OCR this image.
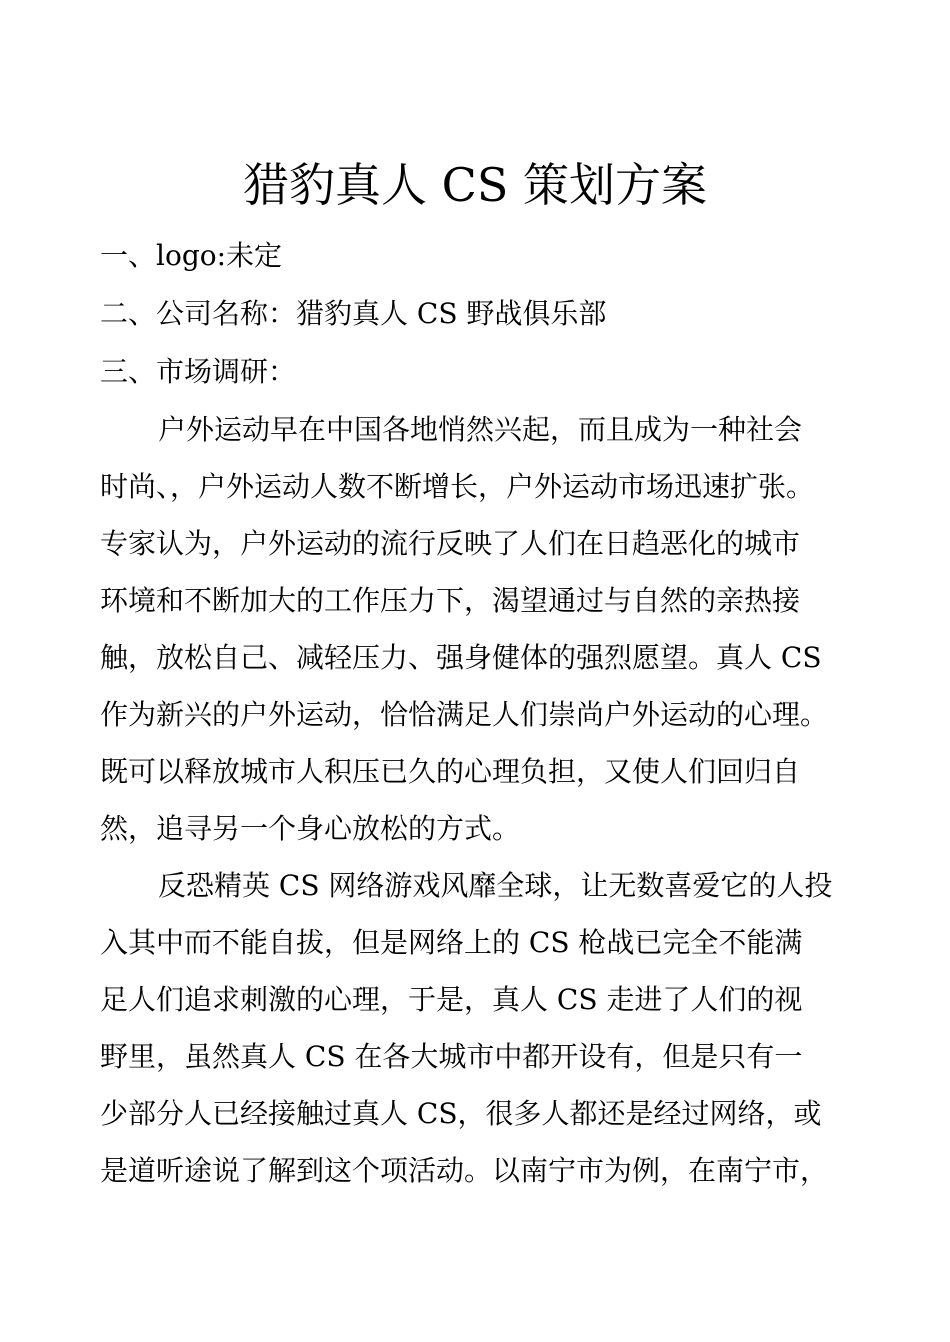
猎豹真人 CS 策划方案
一、logo:未定
二、公司名称：猎豹真人 CS 野战俱乐部
三、市场调研：
户外运动早在中国各地悄然兴起，而且成为一种社会
时尚、，户外运动人数不断增长，户外运动市场迅速扩张。
专家认为，户外运动的流行反映了人们在日趋恶化的城市
环境和不断加大的工作压力下，渴望通过与自然的亲热接
触，放松自己、减轻压力、强身健体的强烈愿望。真人 CS
作为新兴的户外运动，恰恰满足人们崇尚户外运动的心理。
既可以释放城市人积压已久的心理负担，又使人们回归自
然，追寻另一个身心放松的方式。
反恐精英 CS 网络游戏风靡全球，让无数喜爱它的人投
入其中而不能自拔，但是网络上的 CS 枪战已完全不能满
足人们追求刺激的心理，于是，真人 CS 走进了人们的视
野里，虽然真人 CS 在各大城市中都开设有，但是只有一
少部分人已经接触过真人 CS，很多人都还是经过网络，或
是道听途说了解到这个项活动。以南宁市为例，在南宁市，
